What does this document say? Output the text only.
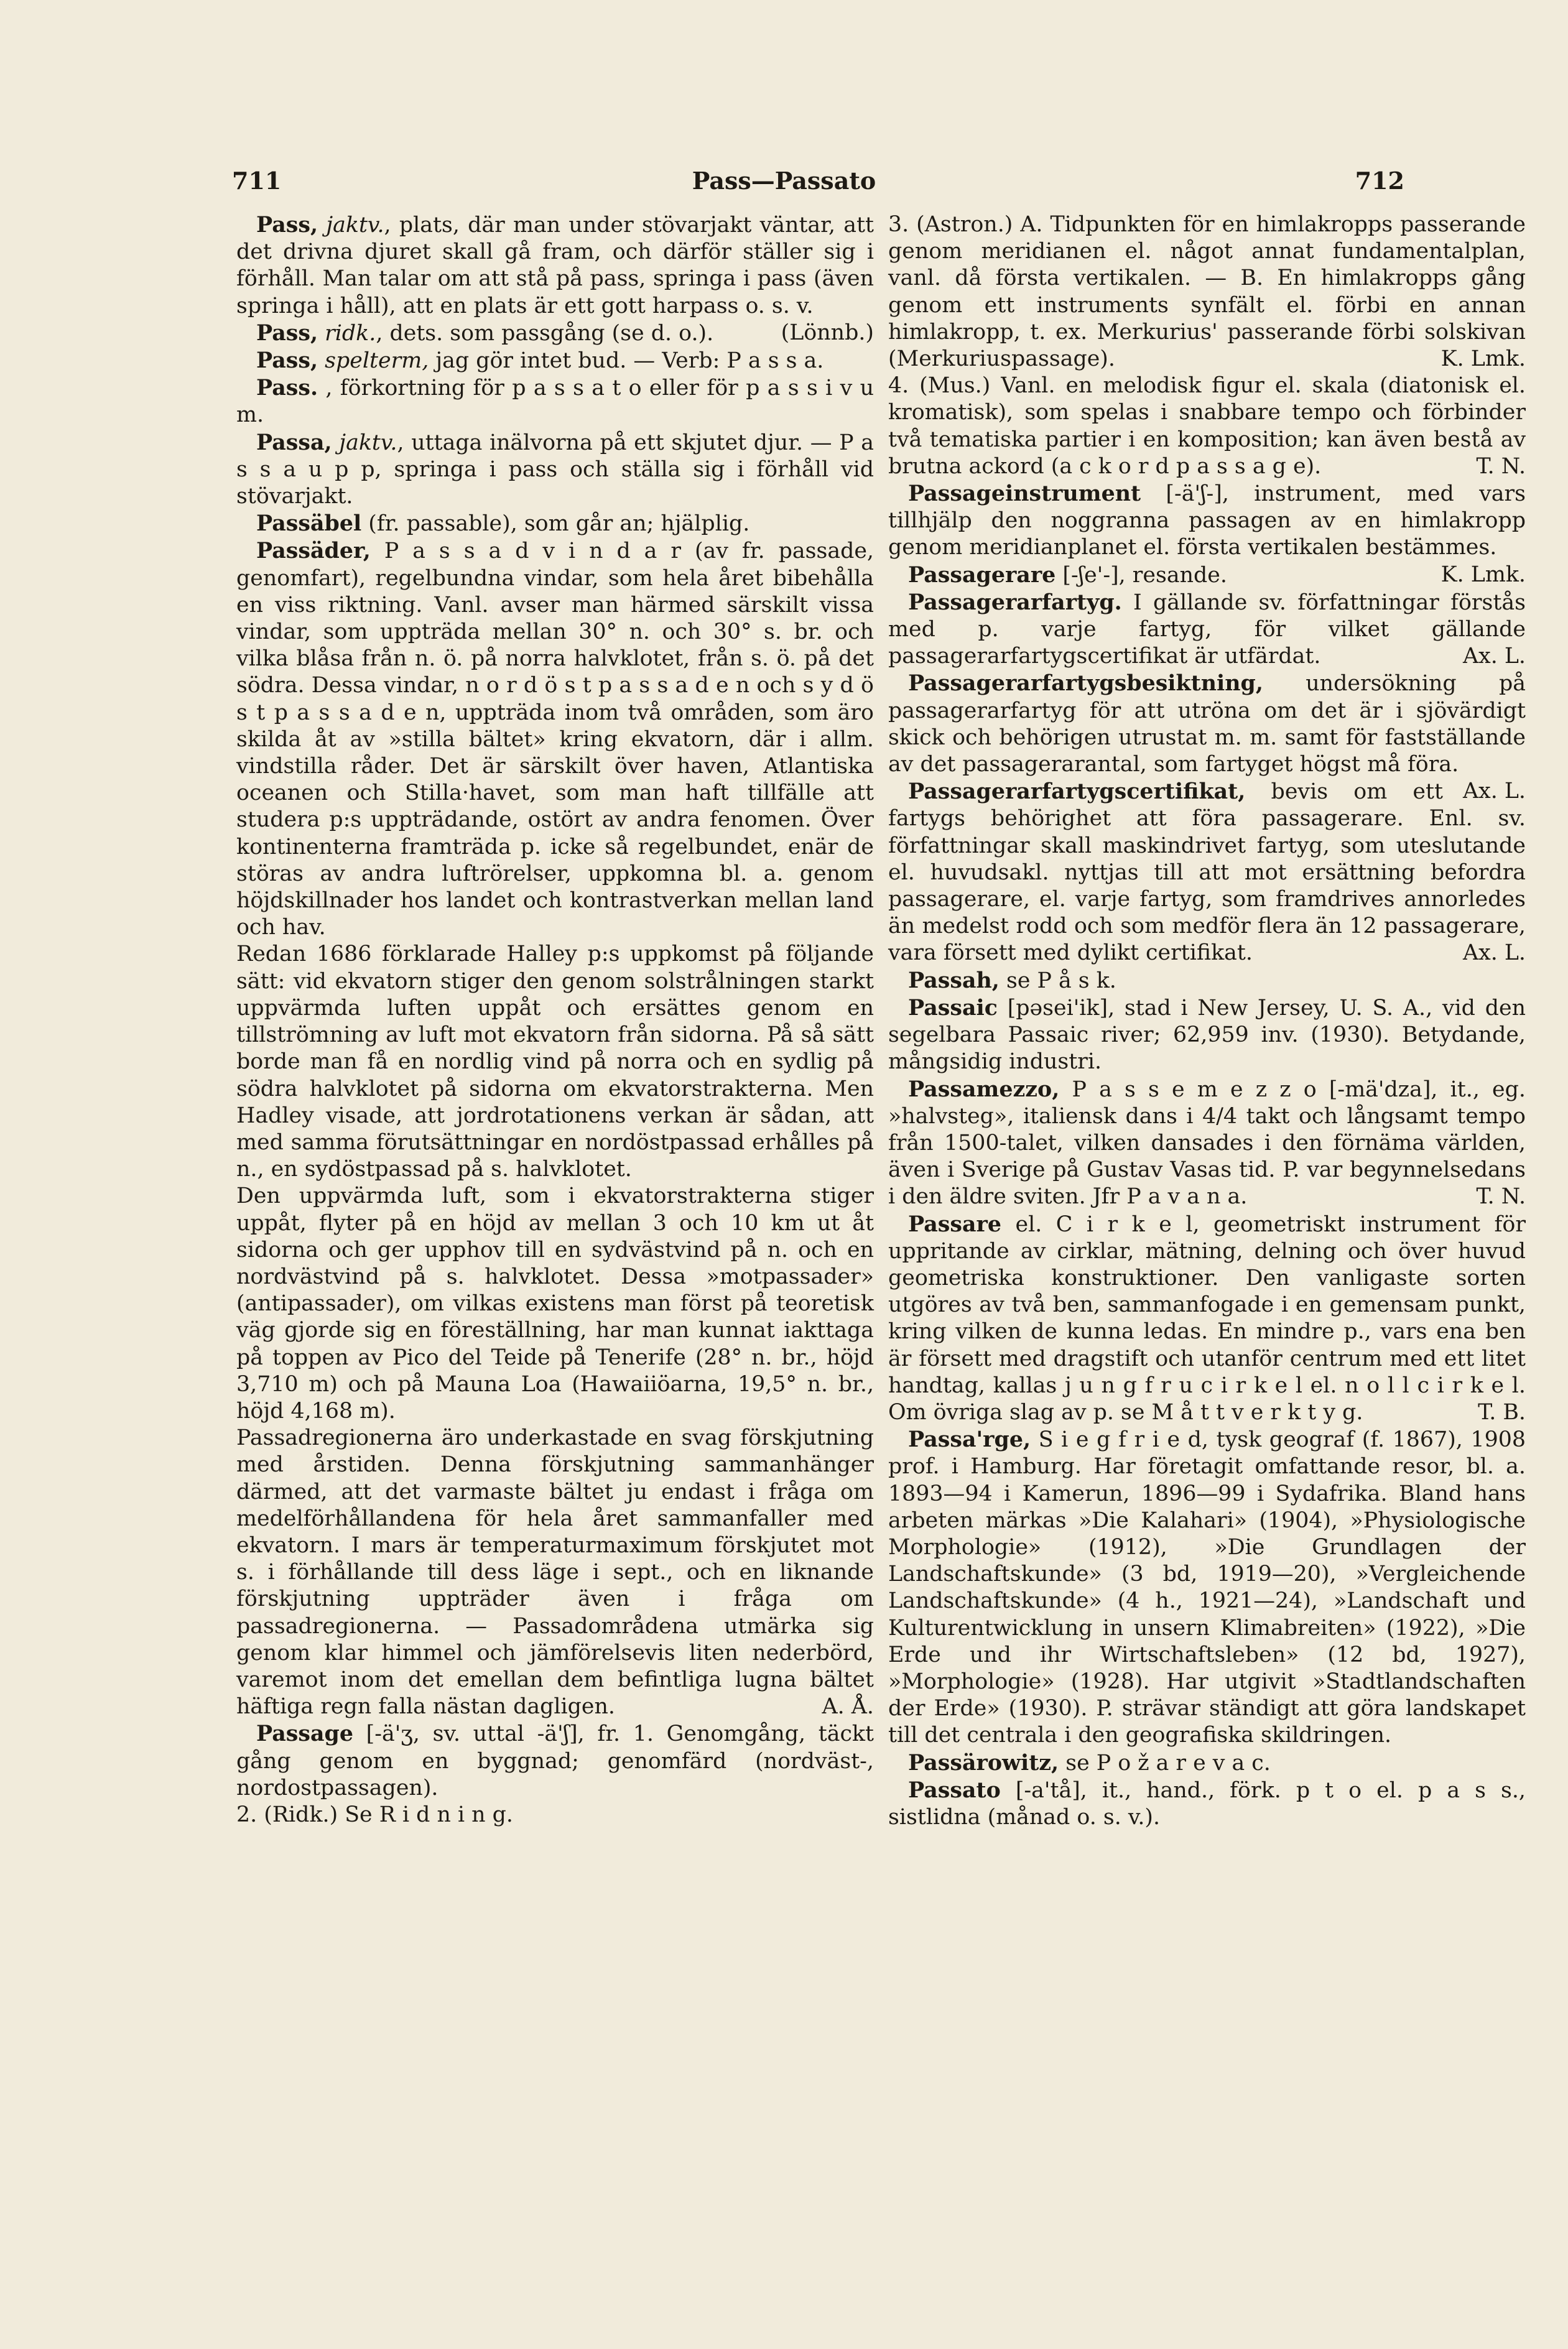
711	Pass—Passato	712

Pass, jaktv., plats, där man under stövarjakt väntar, att det drivna djuret skall gå fram, och därför ställer sig i förhåll. Man talar om att stå på pass, springa i pass (även springa i håll), att en plats är ett gott harpass o. s. v.
(Lönnb.)

Pass, ridk., dets. som passgång (se d. o.).

Pass, spelterm, jag gör intet bud. — Verb: P a s s a.

Pass. , förkortning för p a s s a t o eller för p a s s i v u m.

Passa, jaktv., uttaga inälvorna på ett skjutet djur. — P a s s a u p p, springa i pass och ställa sig i förhåll vid stövarjakt.

Passäbel (fr. passable), som går an; hjälplig.

Passäder, P a s s a d v i n d a r (av fr. passade, genomfart), regelbundna vindar, som hela året bibehålla en viss riktning. Vanl. avser man härmed särskilt vissa vindar, som uppträda mellan 30° n. och 30° s. br. och vilka blåsa från n. ö. på norra halvklotet, från s. ö. på det södra. Dessa vindar, n o r d ö s t p a s s a d e n och s y d ö s t p a s s a d e n, uppträda inom två områden, som äro skilda åt av »stilla bältet» kring ekvatorn, där i allm. vindstilla råder. Det är särskilt över haven, Atlantiska oceanen och Stilla·havet, som man haft tillfälle att studera p:s uppträdande, ostört av andra fenomen. Över kontinenterna framträda p. icke så regelbundet, enär de störas av andra luftrörelser, uppkomna bl. a. genom höjdskillnader hos landet och kontrastverkan mellan land och hav.

Redan 1686 förklarade Halley p:s uppkomst på följande sätt: vid ekvatorn stiger den genom solstrålningen starkt uppvärmda luften uppåt och ersättes genom en tillströmning av luft mot ekvatorn från sidorna. På så sätt borde man få en nordlig vind på norra och en sydlig på södra halvklotet på sidorna om ekvatorstrakterna. Men Hadley visade, att jordrotationens verkan är sådan, att med samma förutsättningar en nordöstpassad erhålles på n., en sydöstpassad på s. halvklotet.

Den uppvärmda luft, som i ekvatorstrakterna stiger uppåt, flyter på en höjd av mellan 3 och 10 km ut åt sidorna och ger upphov till en sydvästvind på n. och en nordvästvind på s. halvklotet. Dessa »motpassader» (antipassader), om vilkas existens man först på teoretisk väg gjorde sig en föreställning, har man kunnat iakttaga på toppen av Pico del Teide på Tenerife (28° n. br., höjd 3,710 m) och på Mauna Loa (Hawaiiöarna, 19,5° n. br., höjd 4,168 m).

Passadregionerna äro underkastade en svag förskjutning med årstiden. Denna förskjutning sammanhänger därmed, att det varmaste bältet ju endast i fråga om medelförhållandena för hela året sammanfaller med ekvatorn. I mars är temperaturmaximum förskjutet mot s. i förhållande till dess läge i sept., och en liknande förskjutning uppträder även i fråga om passadregionerna. — Passadområdena utmärka sig genom klar himmel och jämförelsevis liten nederbörd, varemot inom det emellan dem befintliga lugna bältet häftiga regn falla nästan dagligen.	A. Å.

Passage [-ä'ʒ, sv. uttal -ä'ʃ], fr. 1. Genomgång, täckt gång genom en byggnad; genomfärd (nordväst-, nordostpassagen).

2. (Ridk.) Se R i d n i n g.

3. (Astron.) A. Tidpunkten för en himlakropps passerande genom meridianen el. något annat fundamentalplan, vanl. då första vertikalen. — B. En himlakropps gång genom ett instruments synfält el. förbi en annan himlakropp, t. ex. Merkurius' passerande förbi solskivan (Merkuriuspassage).	K. Lmk.

4. (Mus.) Vanl. en melodisk figur el. skala (diatonisk el. kromatisk), som spelas i snabbare tempo och förbinder två tematiska partier i en komposition; kan även bestå av brutna ackord (a c k o r d p a s s a g e).	T. N.

Passageinstrument [-ä'ʃ-], instrument, med vars tillhjälp den noggranna passagen av en himlakropp genom meridianplanet el. första vertikalen bestämmes.
K. Lmk.

Passagerare [-ʃe'-], resande.

Passagerarfartyg. I gällande sv. författningar förstås med p. varje fartyg, för vilket gällande passagerarfartygscertifikat är utfärdat.	Ax. L.

Passagerarfartygsbesiktning, undersökning på passagerarfartyg för att utröna om det är i sjövärdigt skick och behörigen utrustat m. m. samt för fastställande av det passagerarantal, som fartyget högst må föra.
Ax. L.

Passagerarfartygscertifikat, bevis om ett fartygs behörighet att föra passagerare. Enl. sv. författningar skall maskindrivet fartyg, som uteslutande el. huvudsakl. nyttjas till att mot ersättning befordra passagerare, el. varje fartyg, som framdrives annorledes än medelst rodd och som medför flera än 12 passagerare, vara försett med dylikt certifikat.	Ax. L.

Passah, se P å s k.

Passaic [pəsei'ik], stad i New Jersey, U. S. A., vid den segelbara Passaic river; 62,959 inv. (1930). Betydande, mångsidig industri.

Passamezzo, P a s s e m e z z o [-mä'dza], it., eg. »halvsteg», italiensk dans i 4/4 takt och långsamt tempo från 1500-talet, vilken dansades i den förnäma världen, även i Sverige på Gustav Vasas tid. P. var begynnelsedans i den äldre sviten. Jfr P a v a n a.	T. N.

Passare el. C i r k e l, geometriskt instrument för uppritande av cirklar, mätning, delning och över huvud geometriska konstruktioner. Den vanligaste sorten utgöres av två ben, sammanfogade i en gemensam punkt, kring vilken de kunna ledas. En mindre p., vars ena ben är försett med dragstift och utanför centrum med ett litet handtag, kallas j u n g f r u c i r k e l el. n o l l c i r k e l. Om övriga slag av p. se M å t t v e r k t y g.	T. B.

Passa'rge, S i e g f r i e d, tysk geograf (f. 1867), 1908 prof. i Hamburg. Har företagit omfattande resor, bl. a. 1893—94 i Kamerun, 1896—99 i Sydafrika. Bland hans arbeten märkas »Die Kalahari» (1904), »Physiologische Morphologie» (1912), »Die Grundlagen der Landschaftskunde» (3 bd, 1919—20), »Vergleichende Landschaftskunde» (4 h., 1921—24), »Landschaft und Kulturentwicklung in unsern Klimabreiten» (1922), »Die Erde und ihr Wirtschaftsleben» (12 bd, 1927), »Morphologie» (1928). Har utgivit »Stadtlandschaften der Erde» (1930). P. strävar ständigt att göra landskapet till det centrala i den geografiska skildringen.

Passärowitz, se P o ž a r e v a c.

Passato [-a'tå], it., hand., förk. p t o el. p a s s., sistlidna (månad o. s. v.).
